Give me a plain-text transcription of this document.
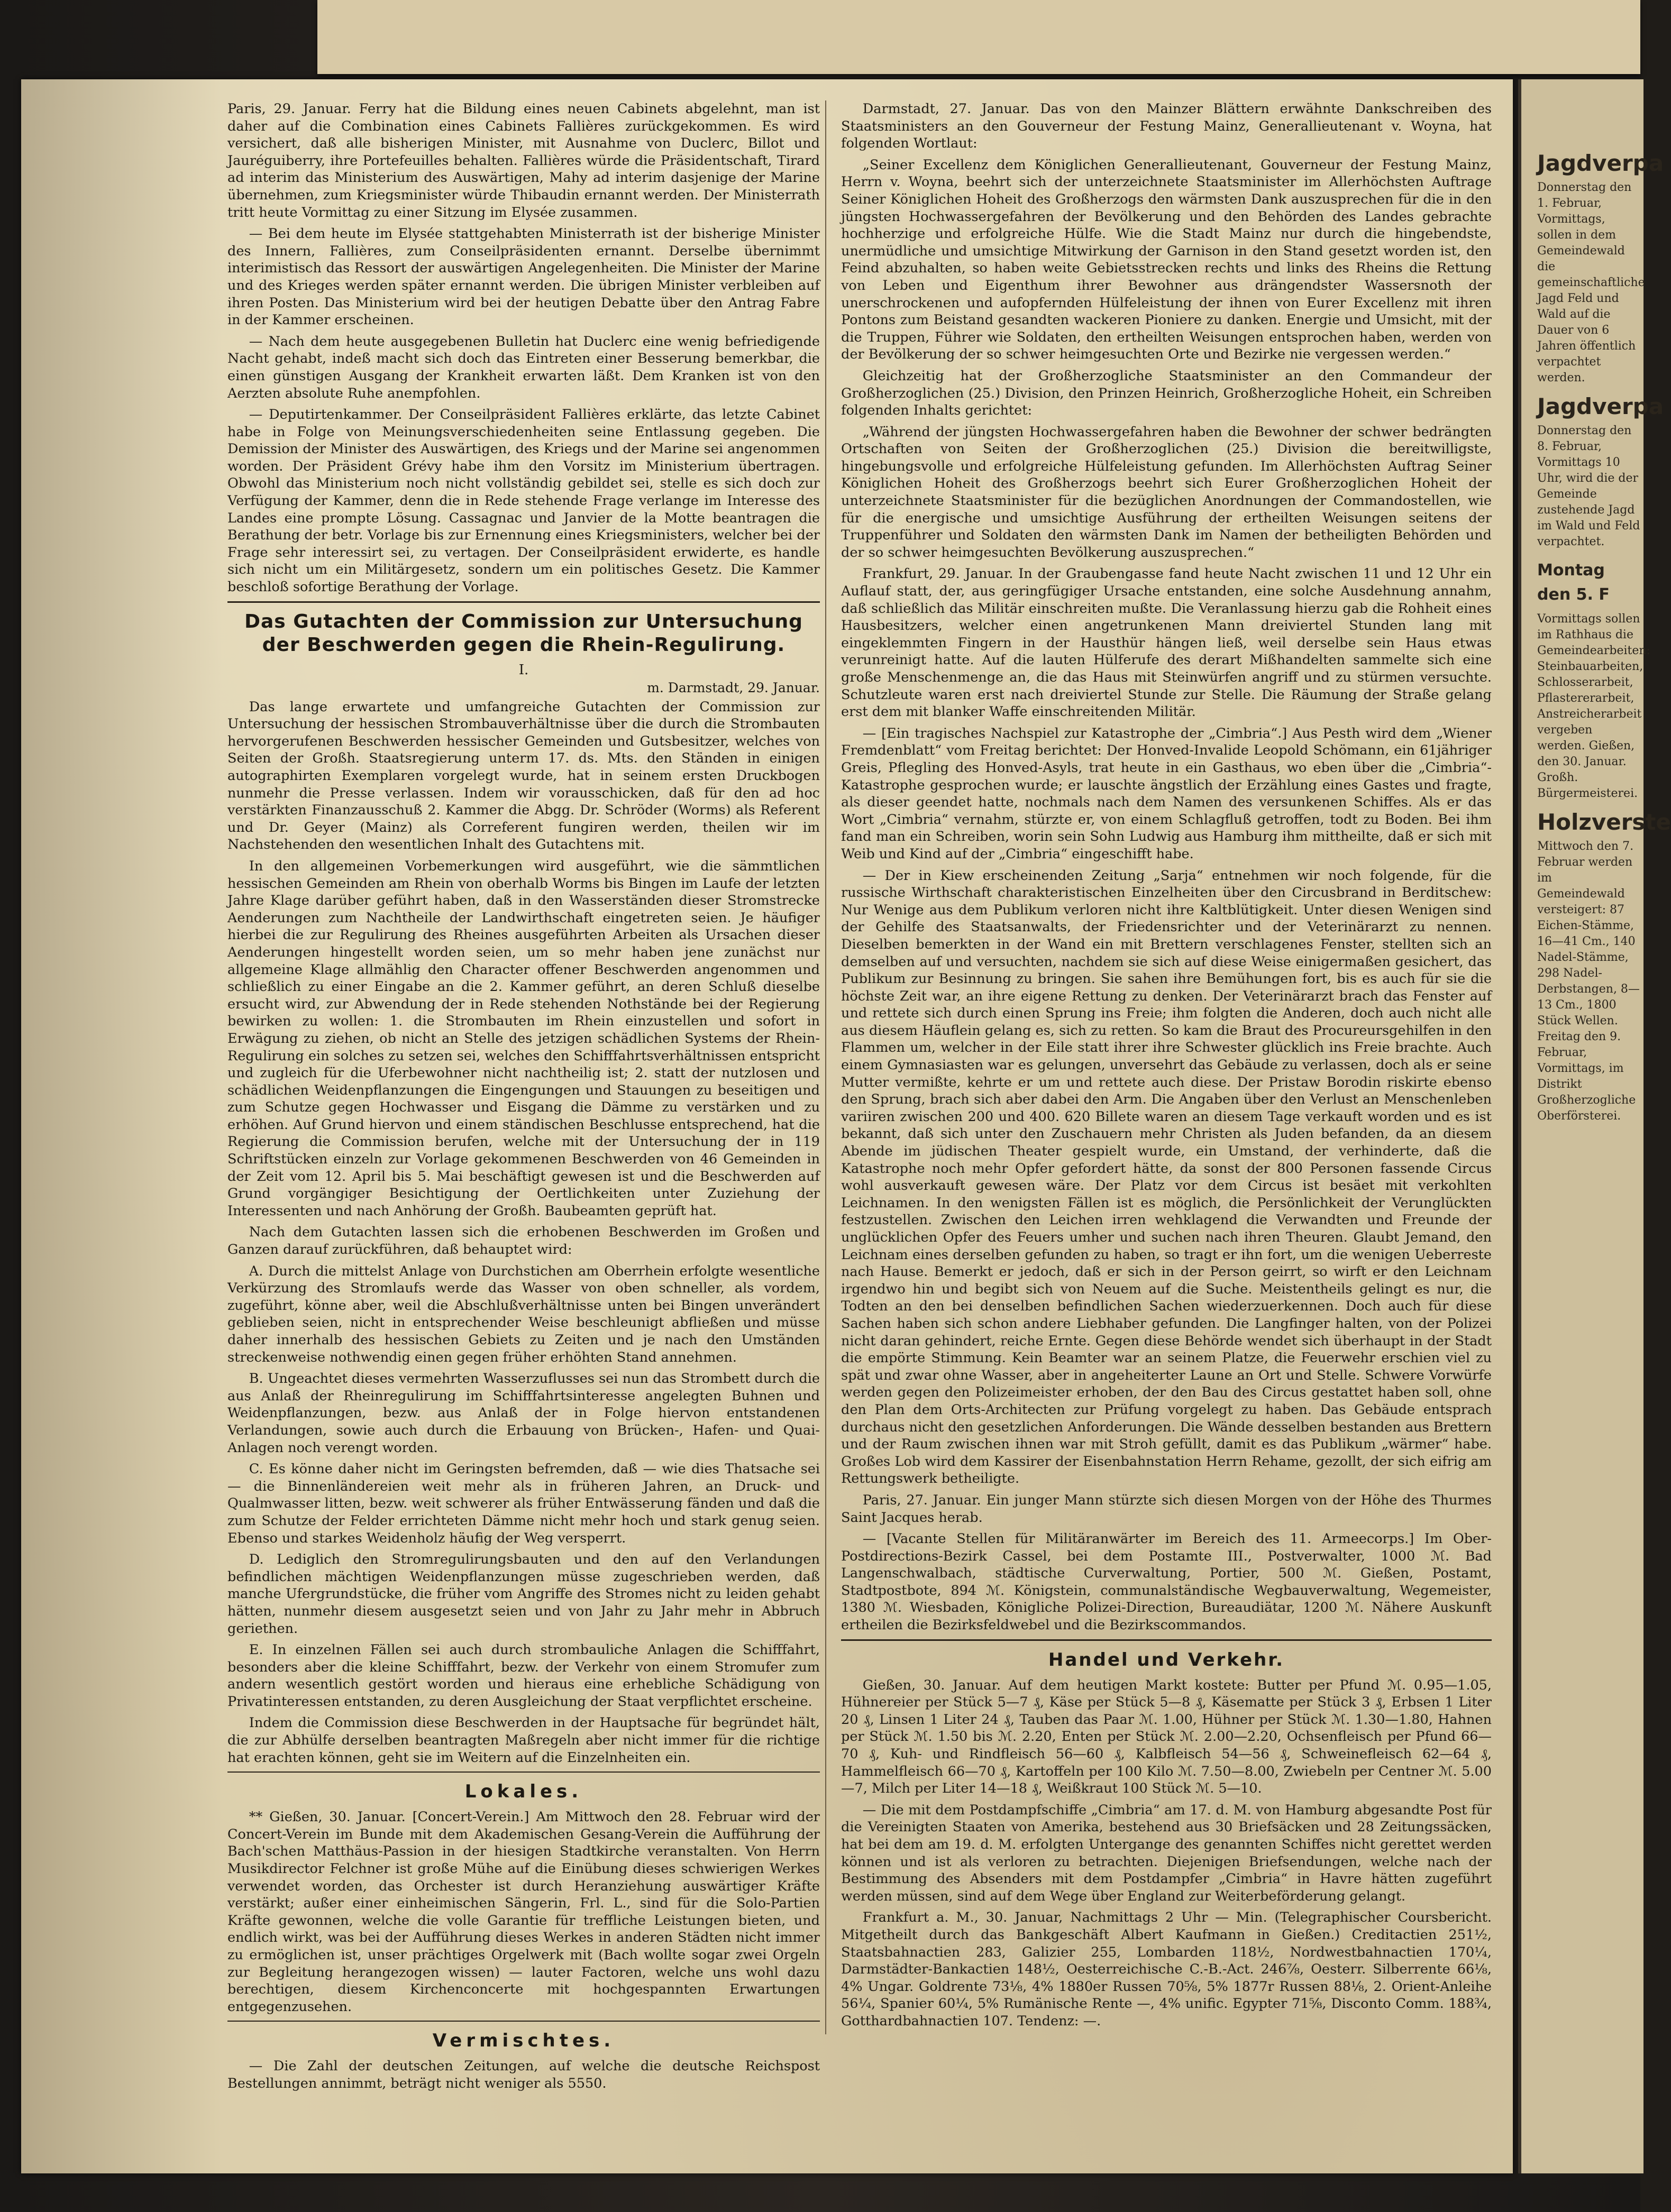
Paris, 29. Januar. Ferry hat die Bildung eines neuen Cabinets abgelehnt, man ist daher auf die Combination eines Cabinets Fallières zurückgekommen. Es wird versichert, daß alle bisherigen Minister, mit Ausnahme von Duclerc, Billot und Jauréguiberry, ihre Portefeuilles behalten. Fallières würde die Präsidentschaft, Tirard ad interim das Ministerium des Auswärtigen, Mahy ad interim dasjenige der Marine übernehmen, zum Kriegsminister würde Thibaudin ernannt werden. Der Ministerrath tritt heute Vormittag zu einer Sitzung im Elysée zusammen.

— Bei dem heute im Elysée stattgehabten Ministerrath ist der bisherige Minister des Innern, Fallières, zum Conseilpräsidenten ernannt. Derselbe übernimmt interimistisch das Ressort der auswärtigen Angelegenheiten. Die Minister der Marine und des Krieges werden später ernannt werden. Die übrigen Minister verbleiben auf ihren Posten. Das Ministerium wird bei der heutigen Debatte über den Antrag Fabre in der Kammer erscheinen.

— Nach dem heute ausgegebenen Bulletin hat Duclerc eine wenig befriedigende Nacht gehabt, indeß macht sich doch das Eintreten einer Besserung bemerkbar, die einen günstigen Ausgang der Krankheit erwarten läßt. Dem Kranken ist von den Aerzten absolute Ruhe anempfohlen.

— Deputirtenkammer. Der Conseilpräsident Fallières erklärte, das letzte Cabinet habe in Folge von Meinungsverschiedenheiten seine Entlassung gegeben. Die Demission der Minister des Auswärtigen, des Kriegs und der Marine sei angenommen worden. Der Präsident Grévy habe ihm den Vorsitz im Ministerium übertragen. Obwohl das Ministerium noch nicht vollständig gebildet sei, stelle es sich doch zur Verfügung der Kammer, denn die in Rede stehende Frage verlange im Interesse des Landes eine prompte Lösung. Cassagnac und Janvier de la Motte beantragen die Berathung der betr. Vorlage bis zur Ernennung eines Kriegsministers, welcher bei der Frage sehr interessirt sei, zu vertagen. Der Conseilpräsident erwiderte, es handle sich nicht um ein Militärgesetz, sondern um ein politisches Gesetz. Die Kammer beschloß sofortige Berathung der Vorlage.

Das Gutachten der Commission zur Untersuchung der Beschwerden gegen die Rhein-Regulirung.
I.
m. Darmstadt, 29. Januar.

Das lange erwartete und umfangreiche Gutachten der Commission zur Untersuchung der hessischen Strombauverhältnisse über die durch die Strombauten hervorgerufenen Beschwerden hessischer Gemeinden und Gutsbesitzer, welches von Seiten der Großh. Staatsregierung unterm 17. ds. Mts. den Ständen in einigen autographirten Exemplaren vorgelegt wurde, hat in seinem ersten Druckbogen nunmehr die Presse verlassen. Indem wir vorausschicken, daß für den ad hoc verstärkten Finanzausschuß 2. Kammer die Abgg. Dr. Schröder (Worms) als Referent und Dr. Geyer (Mainz) als Correferent fungiren werden, theilen wir im Nachstehenden den wesentlichen Inhalt des Gutachtens mit.

In den allgemeinen Vorbemerkungen wird ausgeführt, wie die sämmtlichen hessischen Gemeinden am Rhein von oberhalb Worms bis Bingen im Laufe der letzten Jahre Klage darüber geführt haben, daß in den Wasserständen dieser Stromstrecke Aenderungen zum Nachtheile der Landwirthschaft eingetreten seien. Je häufiger hierbei die zur Regulirung des Rheines ausgeführten Arbeiten als Ursachen dieser Aenderungen hingestellt worden seien, um so mehr haben jene zunächst nur allgemeine Klage allmählig den Character offener Beschwerden angenommen und schließlich zu einer Eingabe an die 2. Kammer geführt, an deren Schluß dieselbe ersucht wird, zur Abwendung der in Rede stehenden Nothstände bei der Regierung bewirken zu wollen: 1. die Strombauten im Rhein einzustellen und sofort in Erwägung zu ziehen, ob nicht an Stelle des jetzigen schädlichen Systems der Rhein-Regulirung ein solches zu setzen sei, welches den Schifffahrtsverhältnissen entspricht und zugleich für die Uferbewohner nicht nachtheilig ist; 2. statt der nutzlosen und schädlichen Weidenpflanzungen die Eingengungen und Stauungen zu beseitigen und zum Schutze gegen Hochwasser und Eisgang die Dämme zu verstärken und zu erhöhen. Auf Grund hiervon und einem ständischen Beschlusse entsprechend, hat die Regierung die Commission berufen, welche mit der Untersuchung der in 119 Schriftstücken einzeln zur Vorlage gekommenen Beschwerden von 46 Gemeinden in der Zeit vom 12. April bis 5. Mai beschäftigt gewesen ist und die Beschwerden auf Grund vorgängiger Besichtigung der Oertlichkeiten unter Zuziehung der Interessenten und nach Anhörung der Großh. Baubeamten geprüft hat.

Nach dem Gutachten lassen sich die erhobenen Beschwerden im Großen und Ganzen darauf zurückführen, daß behauptet wird:

A. Durch die mittelst Anlage von Durchstichen am Oberrhein erfolgte wesentliche Verkürzung des Stromlaufs werde das Wasser von oben schneller, als vordem, zugeführt, könne aber, weil die Abschlußverhältnisse unten bei Bingen unverändert geblieben seien, nicht in entsprechender Weise beschleunigt abfließen und müsse daher innerhalb des hessischen Gebiets zu Zeiten und je nach den Umständen streckenweise nothwendig einen gegen früher erhöhten Stand annehmen.

B. Ungeachtet dieses vermehrten Wasserzuflusses sei nun das Strombett durch die aus Anlaß der Rheinregulirung im Schifffahrtsinteresse angelegten Buhnen und Weidenpflanzungen, bezw. aus Anlaß der in Folge hiervon entstandenen Verlandungen, sowie auch durch die Erbauung von Brücken-, Hafen- und Quai-Anlagen noch verengt worden.

C. Es könne daher nicht im Geringsten befremden, daß — wie dies Thatsache sei — die Binnenländereien weit mehr als in früheren Jahren, an Druck- und Qualmwasser litten, bezw. weit schwerer als früher Entwässerung fänden und daß die zum Schutze der Felder errichteten Dämme nicht mehr hoch und stark genug seien. Ebenso und starkes Weidenholz häufig der Weg versperrt.

D. Lediglich den Stromregulirungsbauten und den auf den Verlandungen befindlichen mächtigen Weidenpflanzungen müsse zugeschrieben werden, daß manche Ufergrundstücke, die früher vom Angriffe des Stromes nicht zu leiden gehabt hätten, nunmehr diesem ausgesetzt seien und von Jahr zu Jahr mehr in Abbruch geriethen.

E. In einzelnen Fällen sei auch durch strombauliche Anlagen die Schifffahrt, besonders aber die kleine Schifffahrt, bezw. der Verkehr von einem Stromufer zum andern wesentlich gestört worden und hieraus eine erhebliche Schädigung von Privatinteressen entstanden, zu deren Ausgleichung der Staat verpflichtet erscheine.

Indem die Commission diese Beschwerden in der Hauptsache für begründet hält, die zur Abhülfe derselben beantragten Maßregeln aber nicht immer für die richtige hat erachten können, geht sie im Weitern auf die Einzelnheiten ein.

Lokales.

** Gießen, 30. Januar. [Concert-Verein.] Am Mittwoch den 28. Februar wird der Concert-Verein im Bunde mit dem Akademischen Gesang-Verein die Aufführung der Bach'schen Matthäus-Passion in der hiesigen Stadtkirche veranstalten. Von Herrn Musikdirector Felchner ist große Mühe auf die Einübung dieses schwierigen Werkes verwendet worden, das Orchester ist durch Heranziehung auswärtiger Kräfte verstärkt; außer einer einheimischen Sängerin, Frl. L., sind für die Solo-Partien Kräfte gewonnen, welche die volle Garantie für treffliche Leistungen bieten, und endlich wirkt, was bei der Aufführung dieses Werkes in anderen Städten nicht immer zu ermöglichen ist, unser prächtiges Orgelwerk mit (Bach wollte sogar zwei Orgeln zur Begleitung herangezogen wissen) — lauter Factoren, welche uns wohl dazu berechtigen, diesem Kirchenconcerte mit hochgespannten Erwartungen entgegenzusehen.

Vermischtes.

— Die Zahl der deutschen Zeitungen, auf welche die deutsche Reichspost Bestellungen annimmt, beträgt nicht weniger als 5550.

Darmstadt, 27. Januar. Das von den Mainzer Blättern erwähnte Dankschreiben des Staatsministers an den Gouverneur der Festung Mainz, Generallieutenant v. Woyna, hat folgenden Wortlaut:

„Seiner Excellenz dem Königlichen Generallieutenant, Gouverneur der Festung Mainz, Herrn v. Woyna, beehrt sich der unterzeichnete Staatsminister im Allerhöchsten Auftrage Seiner Königlichen Hoheit des Großherzogs den wärmsten Dank auszusprechen für die in den jüngsten Hochwassergefahren der Bevölkerung und den Behörden des Landes gebrachte hochherzige und erfolgreiche Hülfe. Wie die Stadt Mainz nur durch die hingebendste, unermüdliche und umsichtige Mitwirkung der Garnison in den Stand gesetzt worden ist, den Feind abzuhalten, so haben weite Gebietsstrecken rechts und links des Rheins die Rettung von Leben und Eigenthum ihrer Bewohner aus drängendster Wassersnoth der unerschrockenen und aufopfernden Hülfeleistung der ihnen von Eurer Excellenz mit ihren Pontons zum Beistand gesandten wackeren Pioniere zu danken. Energie und Umsicht, mit der die Truppen, Führer wie Soldaten, den ertheilten Weisungen entsprochen haben, werden von der Bevölkerung der so schwer heimgesuchten Orte und Bezirke nie vergessen werden.“

Gleichzeitig hat der Großherzogliche Staatsminister an den Commandeur der Großherzoglichen (25.) Division, den Prinzen Heinrich, Großherzogliche Hoheit, ein Schreiben folgenden Inhalts gerichtet:

„Während der jüngsten Hochwassergefahren haben die Bewohner der schwer bedrängten Ortschaften von Seiten der Großherzoglichen (25.) Division die bereitwilligste, hingebungsvolle und erfolgreiche Hülfeleistung gefunden. Im Allerhöchsten Auftrag Seiner Königlichen Hoheit des Großherzogs beehrt sich Eurer Großherzoglichen Hoheit der unterzeichnete Staatsminister für die bezüglichen Anordnungen der Commandostellen, wie für die energische und umsichtige Ausführung der ertheilten Weisungen seitens der Truppenführer und Soldaten den wärmsten Dank im Namen der betheiligten Behörden und der so schwer heimgesuchten Bevölkerung auszusprechen.“

Frankfurt, 29. Januar. In der Graubengasse fand heute Nacht zwischen 11 und 12 Uhr ein Auflauf statt, der, aus geringfügiger Ursache entstanden, eine solche Ausdehnung annahm, daß schließlich das Militär einschreiten mußte. Die Veranlassung hierzu gab die Rohheit eines Hausbesitzers, welcher einen angetrunkenen Mann dreiviertel Stunden lang mit eingeklemmten Fingern in der Hausthür hängen ließ, weil derselbe sein Haus etwas verunreinigt hatte. Auf die lauten Hülferufe des derart Mißhandelten sammelte sich eine große Menschenmenge an, die das Haus mit Steinwürfen angriff und zu stürmen versuchte. Schutzleute waren erst nach dreiviertel Stunde zur Stelle. Die Räumung der Straße gelang erst dem mit blanker Waffe einschreitenden Militär.

— [Ein tragisches Nachspiel zur Katastrophe der „Cimbria“.] Aus Pesth wird dem „Wiener Fremdenblatt“ vom Freitag berichtet: Der Honved-Invalide Leopold Schömann, ein 61jähriger Greis, Pflegling des Honved-Asyls, trat heute in ein Gasthaus, wo eben über die „Cimbria“-Katastrophe gesprochen wurde; er lauschte ängstlich der Erzählung eines Gastes und fragte, als dieser geendet hatte, nochmals nach dem Namen des versunkenen Schiffes. Als er das Wort „Cimbria“ vernahm, stürzte er, von einem Schlagfluß getroffen, todt zu Boden. Bei ihm fand man ein Schreiben, worin sein Sohn Ludwig aus Hamburg ihm mittheilte, daß er sich mit Weib und Kind auf der „Cimbria“ eingeschifft habe.

— Der in Kiew erscheinenden Zeitung „Sarja“ entnehmen wir noch folgende, für die russische Wirthschaft charakteristischen Einzelheiten über den Circusbrand in Berditschew: Nur Wenige aus dem Publikum verloren nicht ihre Kaltblütigkeit. Unter diesen Wenigen sind der Gehilfe des Staatsanwalts, der Friedensrichter und der Veterinärarzt zu nennen. Dieselben bemerkten in der Wand ein mit Brettern verschlagenes Fenster, stellten sich an demselben auf und versuchten, nachdem sie sich auf diese Weise einigermaßen gesichert, das Publikum zur Besinnung zu bringen. Sie sahen ihre Bemühungen fort, bis es auch für sie die höchste Zeit war, an ihre eigene Rettung zu denken. Der Veterinärarzt brach das Fenster auf und rettete sich durch einen Sprung ins Freie; ihm folgten die Anderen, doch auch nicht alle aus diesem Häuflein gelang es, sich zu retten. So kam die Braut des Procureursgehilfen in den Flammen um, welcher in der Eile statt ihrer ihre Schwester glücklich ins Freie brachte. Auch einem Gymnasiasten war es gelungen, unversehrt das Gebäude zu verlassen, doch als er seine Mutter vermißte, kehrte er um und rettete auch diese. Der Pristaw Borodin riskirte ebenso den Sprung, brach sich aber dabei den Arm. Die Angaben über den Verlust an Menschenleben variiren zwischen 200 und 400. 620 Billete waren an diesem Tage verkauft worden und es ist bekannt, daß sich unter den Zuschauern mehr Christen als Juden befanden, da an diesem Abende im jüdischen Theater gespielt wurde, ein Umstand, der verhinderte, daß die Katastrophe noch mehr Opfer gefordert hätte, da sonst der 800 Personen fassende Circus wohl ausverkauft gewesen wäre. Der Platz vor dem Circus ist besäet mit verkohlten Leichnamen. In den wenigsten Fällen ist es möglich, die Persönlichkeit der Verunglückten festzustellen. Zwischen den Leichen irren wehklagend die Verwandten und Freunde der unglücklichen Opfer des Feuers umher und suchen nach ihren Theuren. Glaubt Jemand, den Leichnam eines derselben gefunden zu haben, so tragt er ihn fort, um die wenigen Ueberreste nach Hause. Bemerkt er jedoch, daß er sich in der Person geirrt, so wirft er den Leichnam irgendwo hin und begibt sich von Neuem auf die Suche. Meistentheils gelingt es nur, die Todten an den bei denselben befindlichen Sachen wiederzuerkennen. Doch auch für diese Sachen haben sich schon andere Liebhaber gefunden. Die Langfinger halten, von der Polizei nicht daran gehindert, reiche Ernte. Gegen diese Behörde wendet sich überhaupt in der Stadt die empörte Stimmung. Kein Beamter war an seinem Platze, die Feuerwehr erschien viel zu spät und zwar ohne Wasser, aber in angeheiterter Laune an Ort und Stelle. Schwere Vorwürfe werden gegen den Polizeimeister erhoben, der den Bau des Circus gestattet haben soll, ohne den Plan dem Orts-Architecten zur Prüfung vorgelegt zu haben. Das Gebäude entsprach durchaus nicht den gesetzlichen Anforderungen. Die Wände desselben bestanden aus Brettern und der Raum zwischen ihnen war mit Stroh gefüllt, damit es das Publikum „wärmer“ habe. Großes Lob wird dem Kassirer der Eisenbahnstation Herrn Rehame, gezollt, der sich eifrig am Rettungswerk betheiligte.

Paris, 27. Januar. Ein junger Mann stürzte sich diesen Morgen von der Höhe des Thurmes Saint Jacques herab.

— [Vacante Stellen für Militäranwärter im Bereich des 11. Armeecorps.] Im Ober-Postdirections-Bezirk Cassel, bei dem Postamte III., Postverwalter, 1000 ℳ. Bad Langenschwalbach, städtische Curverwaltung, Portier, 500 ℳ. Gießen, Postamt, Stadtpostbote, 894 ℳ. Königstein, communalständische Wegbauverwaltung, Wegemeister, 1380 ℳ. Wiesbaden, Königliche Polizei-Direction, Bureaudiätar, 1200 ℳ. Nähere Auskunft ertheilen die Bezirksfeldwebel und die Bezirkscommandos.

Handel und Verkehr.

Gießen, 30. Januar. Auf dem heutigen Markt kostete: Butter per Pfund ℳ. 0.95—1.05, Hühnereier per Stück 5—7 ₰, Käse per Stück 5—8 ₰, Käsematte per Stück 3 ₰, Erbsen 1 Liter 20 ₰, Linsen 1 Liter 24 ₰, Tauben das Paar ℳ. 1.00, Hühner per Stück ℳ. 1.30—1.80, Hahnen per Stück ℳ. 1.50 bis ℳ. 2.20, Enten per Stück ℳ. 2.00—2.20, Ochsenfleisch per Pfund 66—70 ₰, Kuh- und Rindfleisch 56—60 ₰, Kalbfleisch 54—56 ₰, Schweinefleisch 62—64 ₰, Hammelfleisch 66—70 ₰, Kartoffeln per 100 Kilo ℳ. 7.50—8.00, Zwiebeln per Centner ℳ. 5.00—7, Milch per Liter 14—18 ₰, Weißkraut 100 Stück ℳ. 5—10.

— Die mit dem Postdampfschiffe „Cimbria“ am 17. d. M. von Hamburg abgesandte Post für die Vereinigten Staaten von Amerika, bestehend aus 30 Briefsäcken und 28 Zeitungssäcken, hat bei dem am 19. d. M. erfolgten Untergange des genannten Schiffes nicht gerettet werden können und ist als verloren zu betrachten. Diejenigen Briefsendungen, welche nach der Bestimmung des Absenders mit dem Postdampfer „Cimbria“ in Havre hätten zugeführt werden müssen, sind auf dem Wege über England zur Weiterbeförderung gelangt.

Frankfurt a. M., 30. Januar, Nachmittags 2 Uhr — Min. (Telegraphischer Coursbericht. Mitgetheilt durch das Bankgeschäft Albert Kaufmann in Gießen.) Creditactien 251½, Staatsbahnactien 283, Galizier 255, Lombarden 118½, Nordwestbahnactien 170¼, Darmstädter-Bankactien 148½, Oesterreichische C.-B.-Act. 246⅞, Oesterr. Silberrente 66⅛, 4% Ungar. Goldrente 73⅛, 4% 1880er Russen 70⅝, 5% 1877r Russen 88⅛, 2. Orient-Anleihe 56¼, Spanier 60¼, 5% Rumänische Rente —, 4% unific. Egypter 71⅝, Disconto Comm. 188¾, Gotthardbahnactien 107. Tendenz: —.

Jagdverpa
Donnerstag den 1. Februar, Vormittags, sollen in dem Gemeindewald die gemeinschaftliche Jagd Feld und Wald auf die Dauer von 6 Jahren öffentlich verpachtet werden.
Jagdverpa
Donnerstag den 8. Februar, Vormittags 10 Uhr, wird die der Gemeinde zustehende Jagd im Wald und Feld verpachtet.
Montag den 5. F
Vormittags sollen im Rathhaus die Gemeindearbeiten: Steinbauarbeiten, Schlosserarbeit, Pflastererarbeit, Anstreicherarbeit vergeben werden. Gießen, den 30. Januar. Großh. Bürgermeisterei.
Holzverste
Mittwoch den 7. Februar werden im Gemeindewald versteigert: 87 Eichen-Stämme, 16—41 Cm., 140 Nadel-Stämme, 298 Nadel-Derbstangen, 8—13 Cm., 1800 Stück Wellen. Freitag den 9. Februar, Vormittags, im Distrikt Großherzogliche Oberförsterei.
